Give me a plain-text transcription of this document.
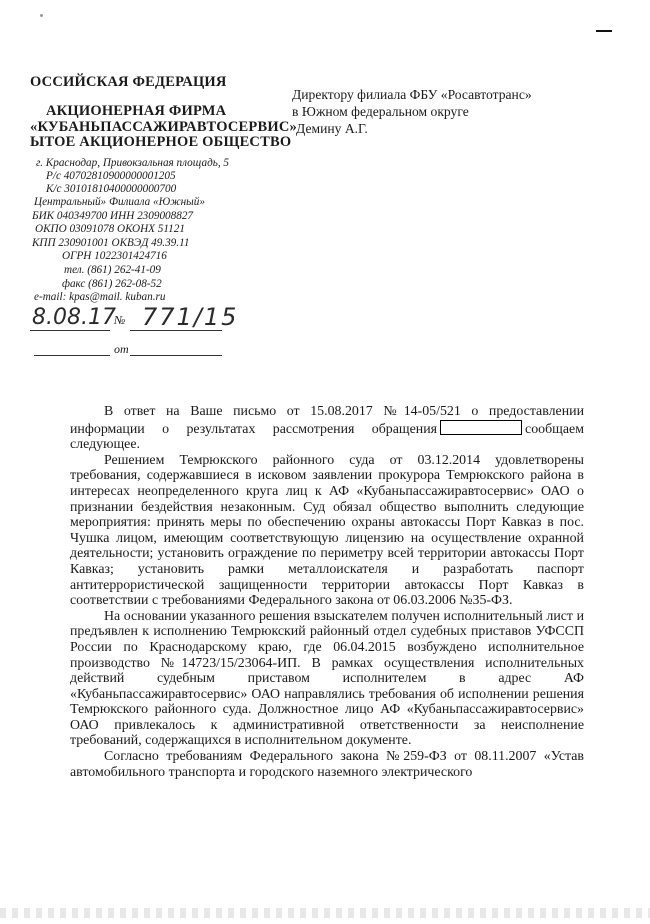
ОССИЙСКАЯ ФЕДЕРАЦИЯ
АКЦИОНЕРНАЯ ФИРМА
«КУБАНЬПАССАЖИРАВТОСЕРВИС»
ЫТОЕ АКЦИОНЕРНОЕ ОБЩЕСТВО
г. Краснодар, Привокзальная площадь, 5
Р/с 40702810900000001205
К/с 30101810400000000700
Центральный» Филиала «Южный»
БИК 040349700 ИНН 2309008827
ОКПО 03091078 ОКОНХ 51121
КПП 230901001 ОКВЭД 49.39.11
ОГРН 1022301424716
тел. (861) 262-41-09
факс (861) 262-08-52
e-mail: kpas@mail. kuban.ru
8.08.17
№ 771/15
от
Директору филиала ФБУ «Росавтотранс»
в Южном федеральном округе
Демину А.Г.

В ответ на Ваше письмо от 15.08.2017 №14-05/521 о предоставлении информации о результатах рассмотрения обращения	сообщаем следующее.

Решением Темрюкского районного суда от 03.12.2014 удовлетворены требования, содержавшиеся в исковом заявлении прокурора Темрюкского района в интересах неопределенного круга лиц к АФ «Кубаньпассажиравтосервис» ОАО о признании бездействия незаконным. Суд обязал общество выполнить следующие мероприятия: принять меры по обеспечению охраны автокассы Порт Кавказ в пос. Чушка лицом, имеющим соответствующую лицензию на осуществление охранной деятельности; установить ограждение по периметру всей территории автокассы Порт Кавказ; установить рамки металлоискателя и разработать паспорт антитеррористической защищенности территории автокассы Порт Кавказ в соответствии с требованиями Федерального закона от 06.03.2006 №35-ФЗ.

На основании указанного решения взыскателем получен исполнительный лист и предъявлен к исполнению Темрюкский районный отдел судебных приставов УФССП России по Краснодарскому краю, где 06.04.2015 возбуждено исполнительное производство №14723/15/23064-ИП. В рамках осуществления исполнительных действий судебным приставом исполнителем в адрес АФ «Кубаньпассажиравтосервис» ОАО направлялись требования об исполнении решения Темрюкского районного суда. Должностное лицо АФ «Кубаньпассажиравтосервис» ОАО привлекалось к административной ответственности за неисполнение требований, содержащихся в исполнительном документе.

Согласно требованиям Федерального закона №259-ФЗ от 08.11.2007 «Устав автомобильного транспорта и городского наземного электрического
